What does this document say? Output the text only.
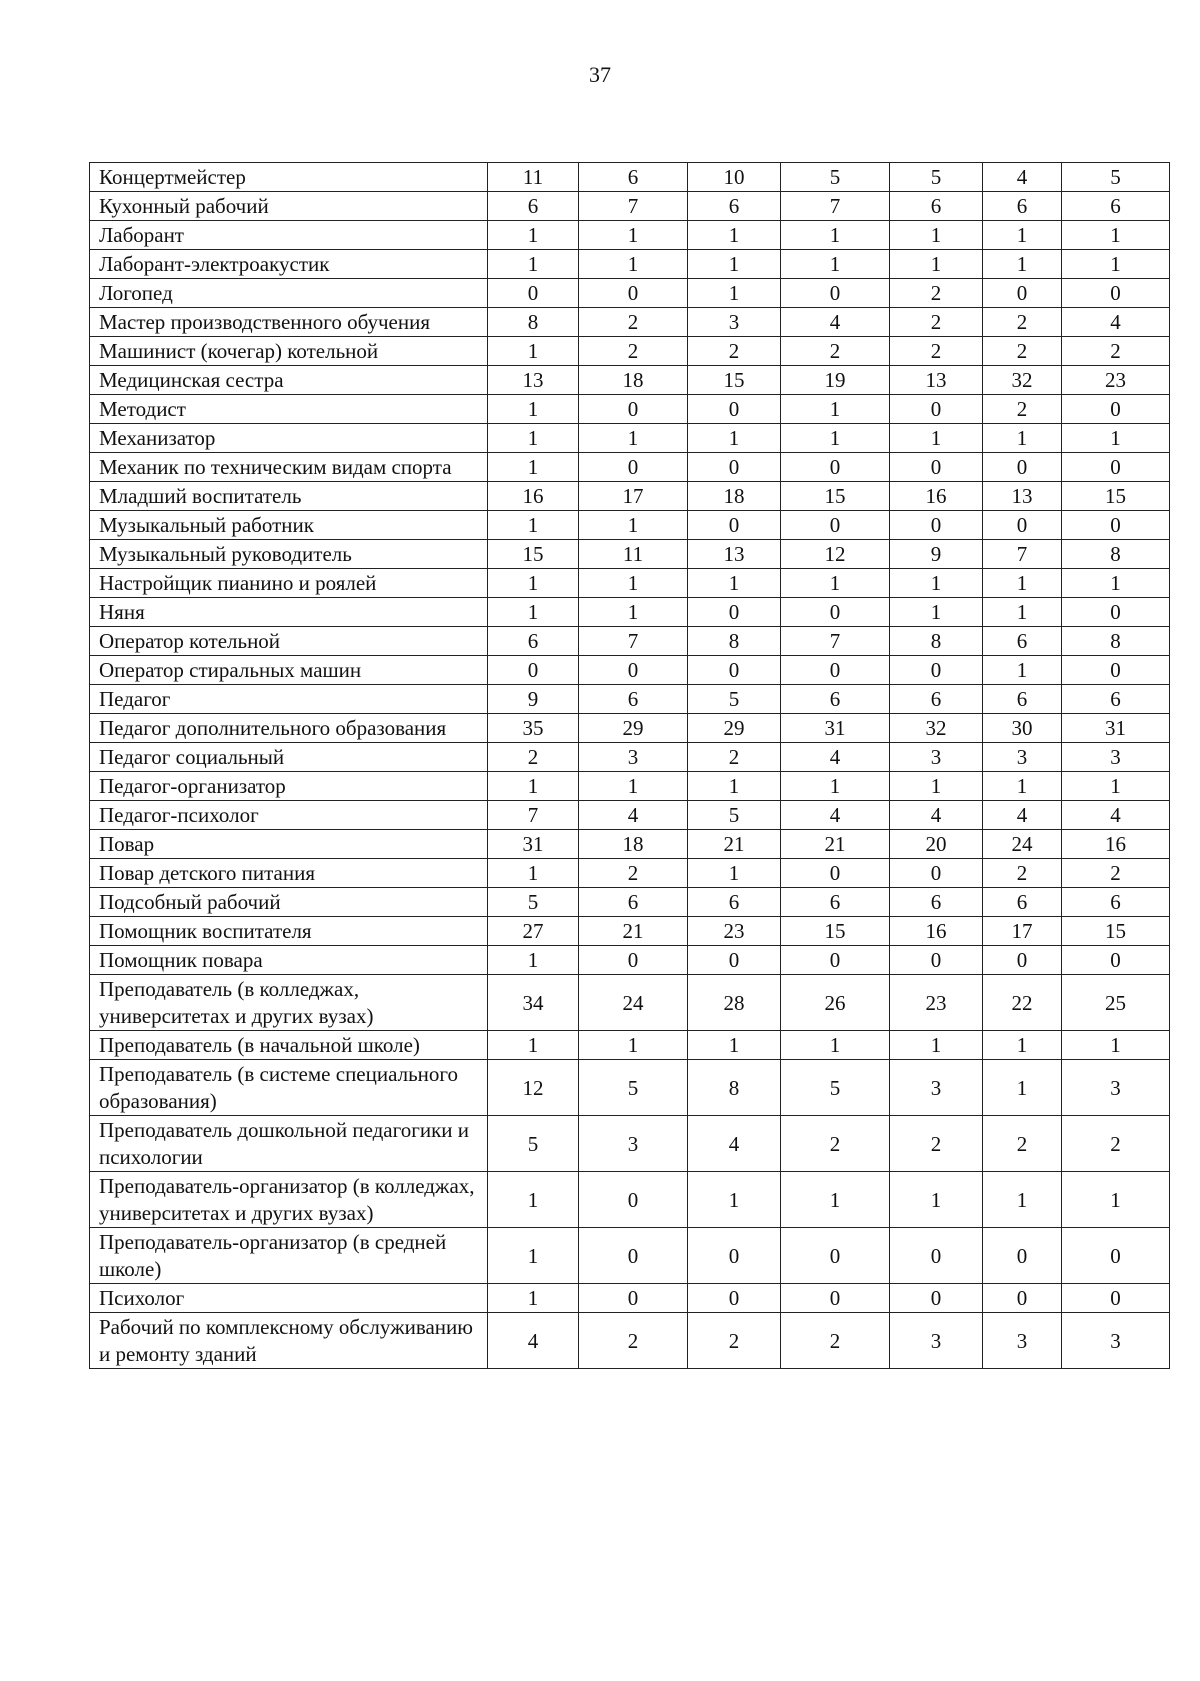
37
Концертмейстер	11	6	10	5	5	4	5
Кухонный рабочий	6	7	6	7	6	6	6
Лаборант	1	1	1	1	1	1	1
Лаборант-электроакустик	1	1	1	1	1	1	1
Логопед	0	0	1	0	2	0	0
Мастер производственного обучения	8	2	3	4	2	2	4
Машинист (кочегар) котельной	1	2	2	2	2	2	2
Медицинская сестра	13	18	15	19	13	32	23
Методист	1	0	0	1	0	2	0
Механизатор	1	1	1	1	1	1	1
Механик по техническим видам спорта	1	0	0	0	0	0	0
Младший воспитатель	16	17	18	15	16	13	15
Музыкальный работник	1	1	0	0	0	0	0
Музыкальный руководитель	15	11	13	12	9	7	8
Настройщик пианино и роялей	1	1	1	1	1	1	1
Няня	1	1	0	0	1	1	0
Оператор котельной	6	7	8	7	8	6	8
Оператор стиральных машин	0	0	0	0	0	1	0
Педагог	9	6	5	6	6	6	6
Педагог дополнительного образования	35	29	29	31	32	30	31
Педагог социальный	2	3	2	4	3	3	3
Педагог-организатор	1	1	1	1	1	1	1
Педагог-психолог	7	4	5	4	4	4	4
Повар	31	18	21	21	20	24	16
Повар детского питания	1	2	1	0	0	2	2
Подсобный рабочий	5	6	6	6	6	6	6
Помощник воспитателя	27	21	23	15	16	17	15
Помощник повара	1	0	0	0	0	0	0
Преподаватель (в колледжах, университетах и других вузах)	34	24	28	26	23	22	25
Преподаватель (в начальной школе)	1	1	1	1	1	1	1
Преподаватель (в системе специального образования)	12	5	8	5	3	1	3
Преподаватель дошкольной педагогики и психологии	5	3	4	2	2	2	2
Преподаватель-организатор (в колледжах, университетах и других вузах)	1	0	1	1	1	1	1
Преподаватель-организатор (в средней школе)	1	0	0	0	0	0	0
Психолог	1	0	0	0	0	0	0
Рабочий по комплексному обслуживанию и ремонту зданий	4	2	2	2	3	3	3
